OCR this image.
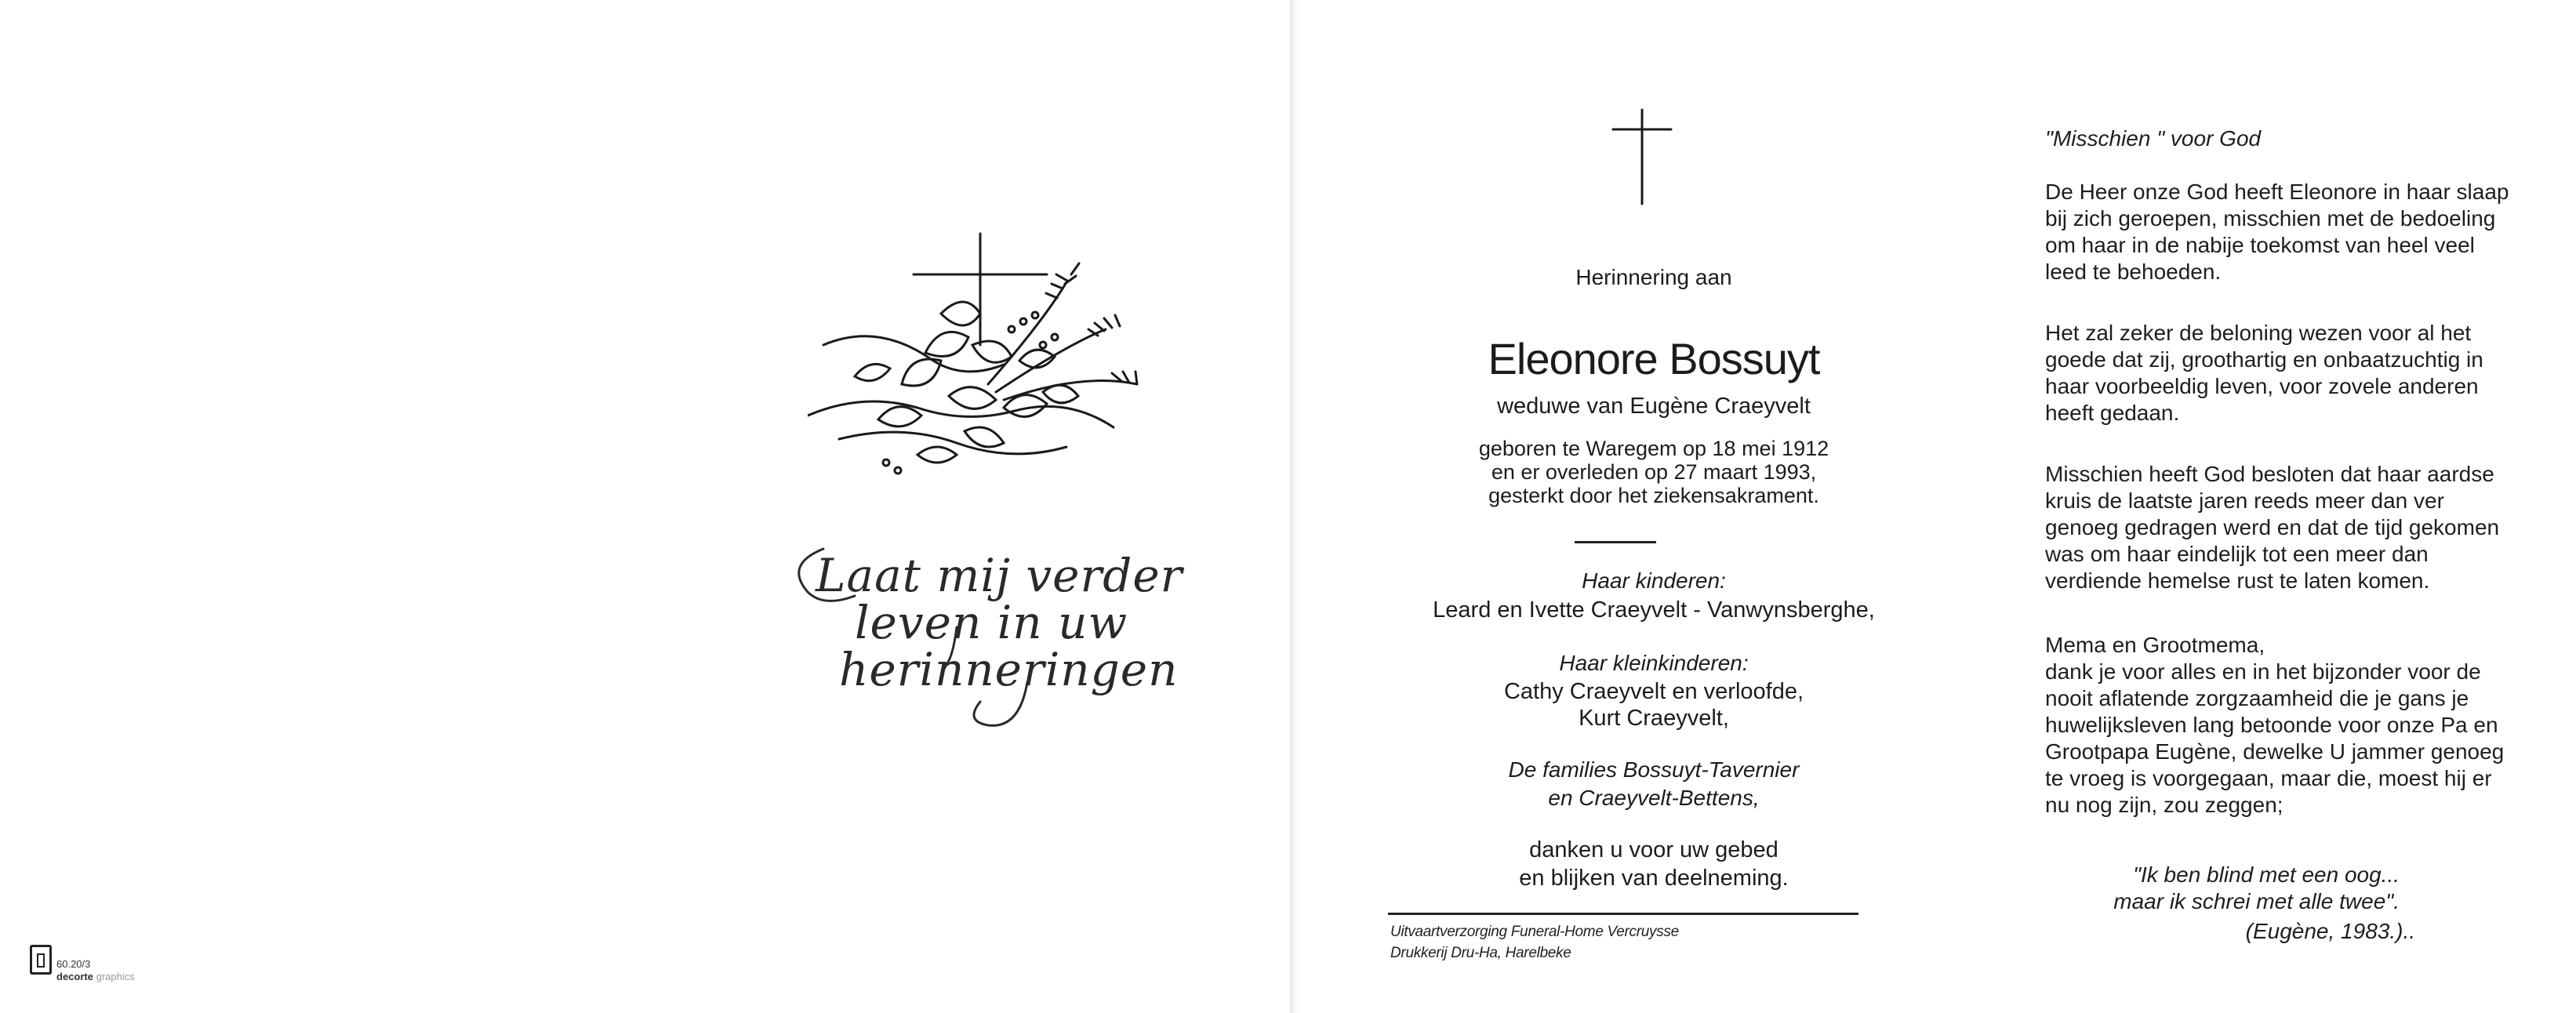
Laat mij verder
leven in uw
herinneringen
60.20/3
decorte graphics
Herinnering aan
Eleonore Bossuyt
weduwe van Eugène Craeyvelt
geboren te Waregem op 18 mei 1912
en er overleden op 27 maart 1993,
gesterkt door het ziekensakrament.
Haar kinderen:
Leard en Ivette Craeyvelt - Vanwynsberghe,
Haar kleinkinderen:
Cathy Craeyvelt en verloofde,
Kurt Craeyvelt,
De families Bossuyt-Tavernier
en Craeyvelt-Bettens,
danken u voor uw gebed
en blijken van deelneming.
Uitvaartverzorging Funeral-Home Vercruysse
Drukkerij Dru-Ha, Harelbeke
"Misschien " voor God
De Heer onze God heeft Eleonore in haar slaap
bij zich geroepen, misschien met de bedoeling
om haar in de nabije toekomst van heel veel
leed te behoeden.
Het zal zeker de beloning wezen voor al het
goede dat zij, groothartig en onbaatzuchtig in
haar voorbeeldig leven, voor zovele anderen
heeft gedaan.
Misschien heeft God besloten dat haar aardse
kruis de laatste jaren reeds meer dan ver
genoeg gedragen werd en dat de tijd gekomen
was om haar eindelijk tot een meer dan
verdiende hemelse rust te laten komen.
Mema en Grootmema,
dank je voor alles en in het bijzonder voor de
nooit aflatende zorgzaamheid die je gans je
huwelijksleven lang betoonde voor onze Pa en
Grootpapa Eugène, dewelke U jammer genoeg
te vroeg is voorgegaan, maar die, moest hij er
nu nog zijn, zou zeggen;
"Ik ben blind met een oog...
maar ik schrei met alle twee".
(Eugène, 1983.)..
